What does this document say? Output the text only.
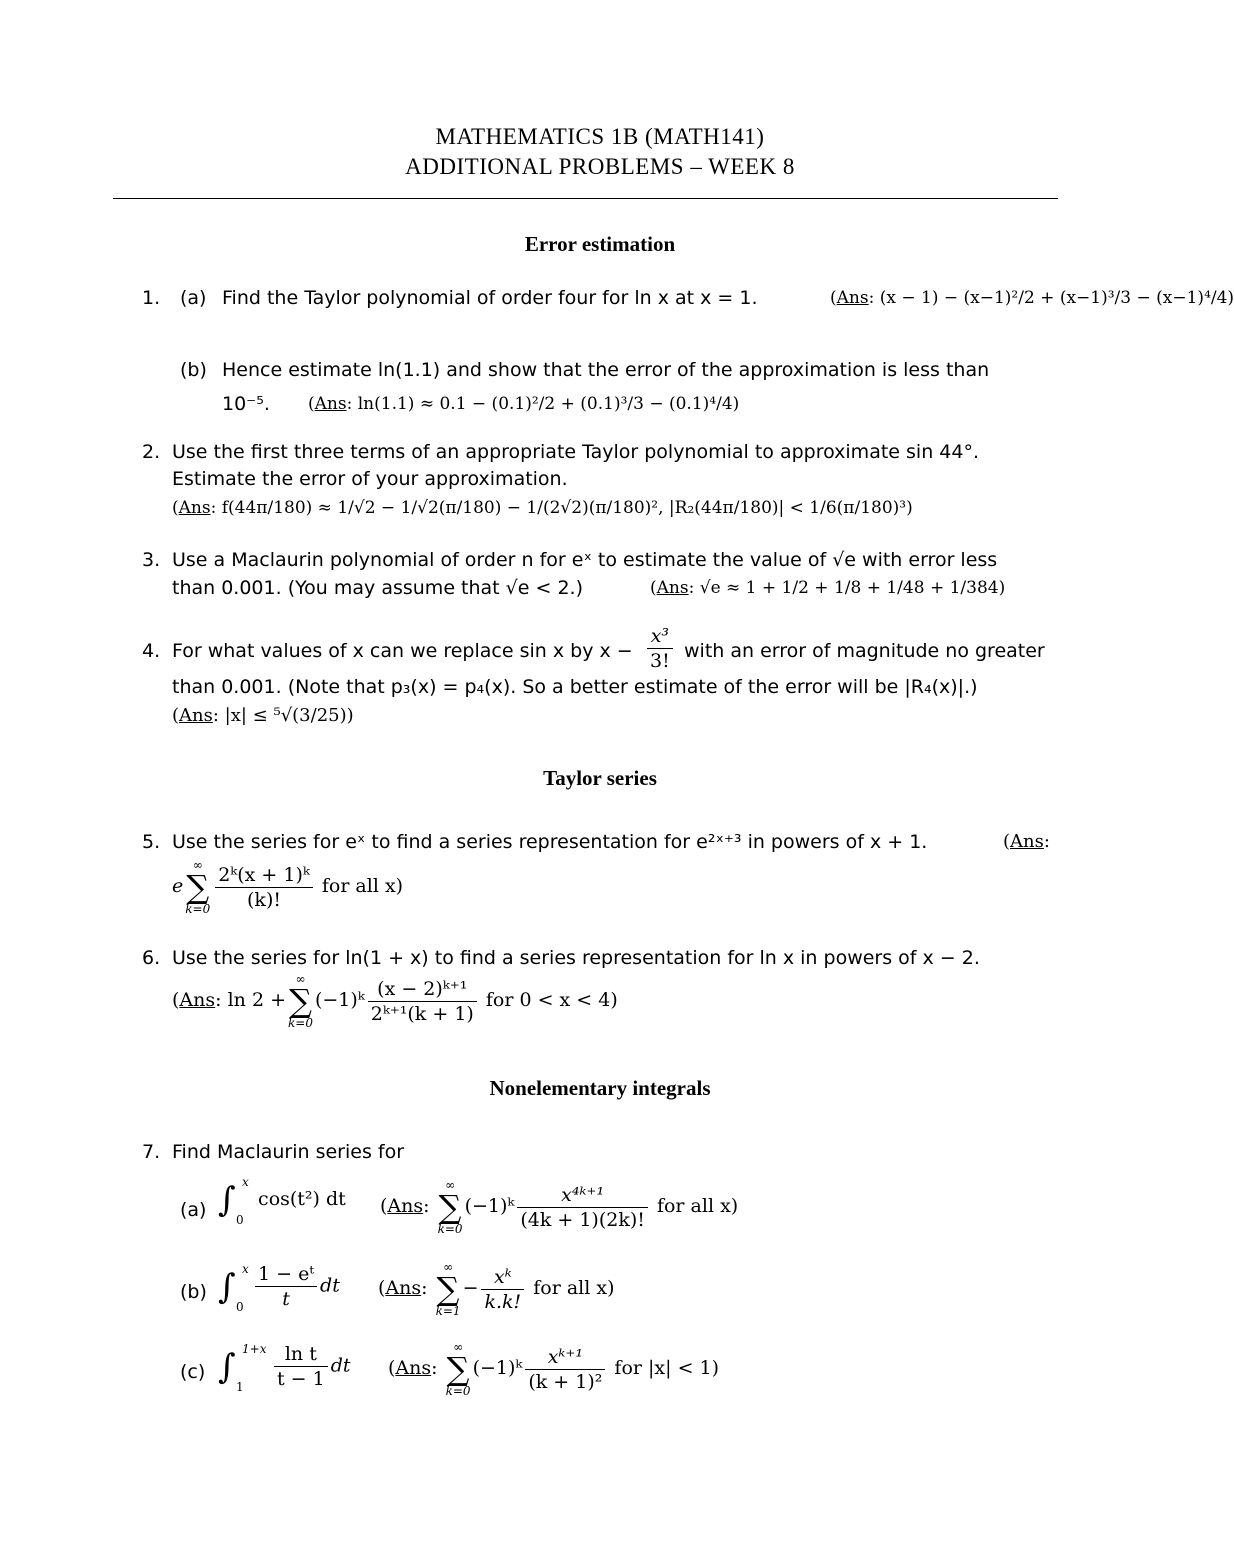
MATHEMATICS 1B (MATH141)
ADDITIONAL PROBLEMS – WEEK 8
Error estimation
1. (a) Find the Taylor polynomial of order four for ln x at x = 1.	(Ans: (x − 1) − (x−1)²/2 + (x−1)³/3 − (x−1)⁴/4)
(b) Hence estimate ln(1.1) and show that the error of the approximation is less than
10⁻⁵. (Ans: ln(1.1) ≈ 0.1 − (0.1)²/2 + (0.1)³/3 − (0.1)⁴/4)
2. Use the first three terms of an appropriate Taylor polynomial to approximate sin 44°.
Estimate the error of your approximation.
(Ans: f(44π/180) ≈ 1/√2 − 1/√2(π/180) − 1/(2√2)(π/180)², |R₂(44π/180)| < 1/6(π/180)³)
3. Use a Maclaurin polynomial of order n for eˣ to estimate the value of √e with error less
than 0.001. (You may assume that √e < 2.)	(Ans: √e ≈ 1 + 1/2 + 1/8 + 1/48 + 1/384)
4. For what values of x can we replace sin x by $x - \frac{\text{x³}}{3!}$ with an error of magnitude no greater
than 0.001. (Note that p₃(x) = p₄(x). So a better estimate of the error will be |R₄(x)|.)
(Ans: |x| ≤ ⁵√(3/25))
Taylor series
5. Use the series for eˣ to find a series representation for e²ˣ⁺³ in powers of x + 1.	(Ans:
e
∞
∑
$k=0 \frac{\text{2ᵏ(x + 1)ᵏ}}{(k)!}$ for all x)
6. Use the series for ln(1 + x) to find a series representation for ln x in powers of x − 2.
(Ans: ln 2 +
∞
∑
k=0
(−1)ᵏ $\frac{\text{(x − 2)ᵏ⁺¹}}{\text{2ᵏ⁺¹(k + 1)}}$ for 0 < x < 4)
Nonelementary integrals
7. Find Maclaurin series for
(a) ∫ x
0
cos(t²) dt (Ans:
∞
∑
k=0
(−1)ᵏ $\frac{\text{x⁴ᵏ⁺¹}}{(4k + 1)(2k)!}$ for all x)
(b) ∫ x
$0 \frac{\text{1 − eᵗ}}{t}$ dt (Ans:
∞
∑
k=1
− $\frac{\text{xᵏ}}{k.k!}$ for all x)
(c) ∫ 1+x
$1 \frac{\text{ln t}}{t - 1}$ dt (Ans:
∞
∑
k=0
(−1)ᵏ $\frac{\text{xᵏ⁺¹}}{\text{(k + 1)²}}$ for |x| < 1)
